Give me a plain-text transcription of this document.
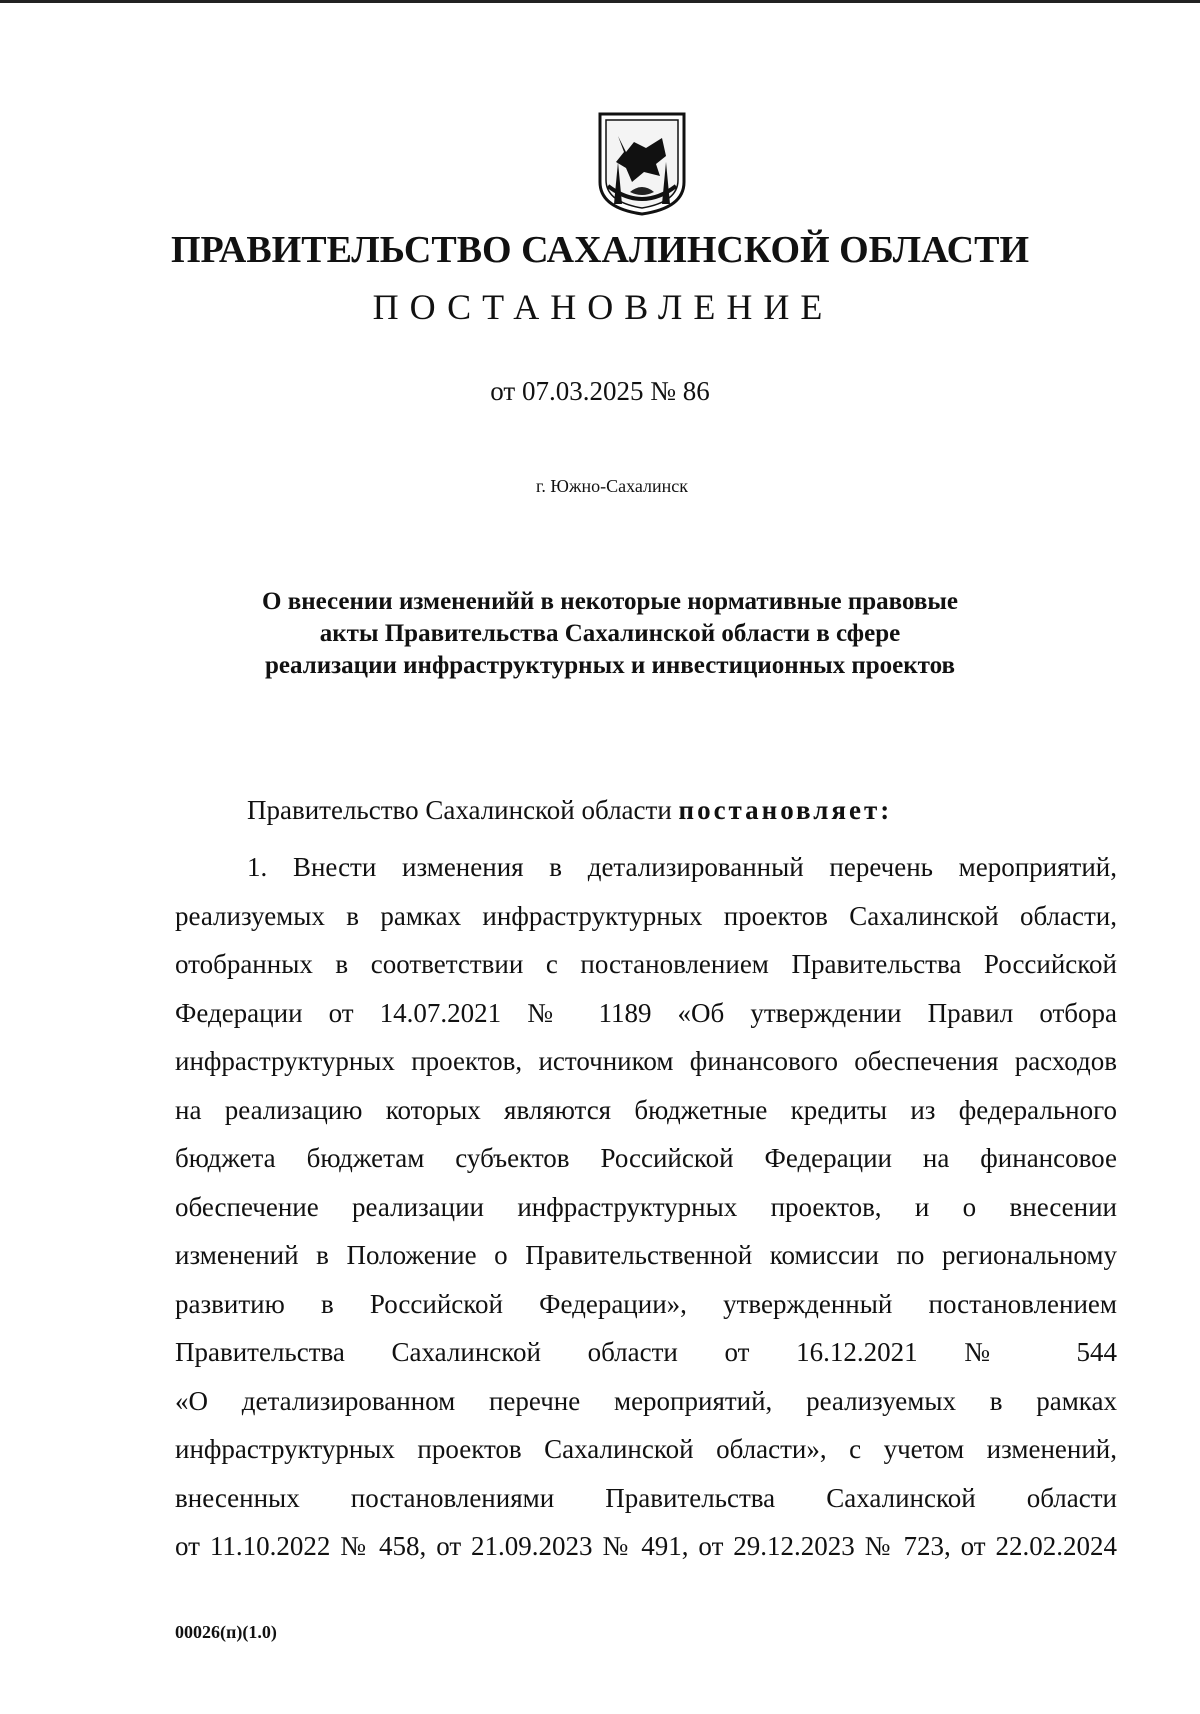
ПРАВИТЕЛЬСТВО САХАЛИНСКОЙ ОБЛАСТИ
ПОСТАНОВЛЕНИЕ
от 07.03.2025 № 86
г. Южно-Сахалинск
О внесении измененийй в некоторые нормативные правовые
акты Правительства Сахалинской области в сфере
реализации инфраструктурных и инвестиционных проектов
Правительство Сахалинской области постановляет:
1. Внести изменения в детализированный перечень мероприятий,
реализуемых в рамках инфраструктурных проектов Сахалинской области,
отобранных в соответствии с постановлением Правительства Российской
Федерации от 14.07.2021 № 1189 «Об утверждении Правил отбора
инфраструктурных проектов, источником финансового обеспечения расходов
на реализацию которых являются бюджетные кредиты из федерального
бюджета бюджетам субъектов Российской Федерации на финансовое
обеспечение реализации инфраструктурных проектов, и о внесении
изменений в Положение о Правительственной комиссии по региональному
развитию в Российской Федерации», утвержденный постановлением
Правительства Сахалинской области от 16.12.2021 № 544
«О детализированном перечне мероприятий, реализуемых в рамках
инфраструктурных проектов Сахалинской области», с учетом изменений,
внесенных постановлениями Правительства Сахалинской области
от 11.10.2022 № 458, от 21.09.2023 № 491, от 29.12.2023 № 723, от 22.02.2024
00026(п)(1.0)
